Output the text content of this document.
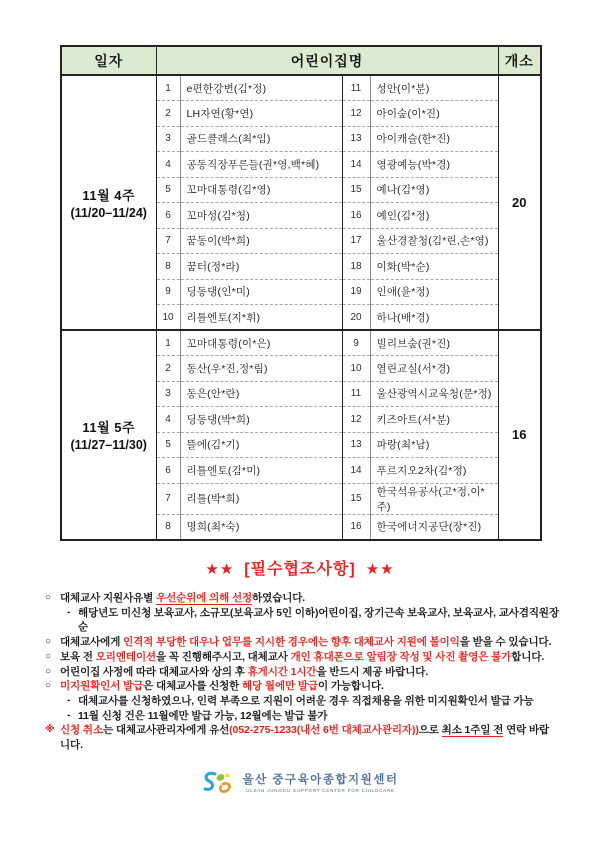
일자	어린이집명				개소

11월 4주
(11/20–11/24)	1	e편한강변(김*정)	11	성안(이*분)	20
	2	LH자연(황*연)	12	아이숲(이*진)	
	3	골드클래스(최*임)	13	아이캐슬(한*진)	
	4	공동직장푸른들(권*영,백*혜)	14	영광예능(박*경)	
	5	꼬마대통령(김*영)	15	예나(김*영)	
	6	꼬마성(김*청)	16	예인(김*정)	
	7	꿈동이(박*희)	17	울산경찰청(김*린,손*영)	
	8	꿈터(정*라)	18	이화(박*순)	
	9	딩동댕(인*미)	19	인애(윤*정)	
	10	리틀엔토(지*휘)	20	하나(배*경)	

11월 5주
(11/27–11/30)	1	꼬마대통령(이*은)	9	빌리브숲(권*진)	16
	2	동산(우*진,정*림)	10	열린교실(서*경)	
	3	동은(안*란)	11	울산광역시교육청(문*정)	
	4	딩동댕(박*희)	12	키즈아트(서*분)	
	5	뜰에(김*기)	13	파랑(최*남)	
	6	리틀엔토(김*미)	14	푸르지오2차(김*정)	
	7	리틀(박*희)	15	한국석유공사(고*정,이*주)	
	8	명희(최*숙)	16	한국에너지공단(장*진)	
★★ [필수협조사항] ★★
○ 대체교사 지원사유별 우선순위에 의해 선정하였습니다.
- 해당년도 미신청 보육교사, 소규모(보육교사 5인 이하)어린이집, 장기근속 보육교사, 보육교사, 교사겸직원장 순
○ 대체교사에게 인격적 부당한 대우나 업무를 지시한 경우에는 향후 대체교사 지원에 불이익을 받을 수 있습니다.
○ 보육 전 오리엔테이션을 꼭 진행해주시고, 대체교사 개인 휴대폰으로 알림장 작성 및 사진 촬영은 불가합니다.
○ 어린이집 사정에 따라 대체교사와 상의 후 휴게시간 1시간을 반드시 제공 바랍니다.
○ 미지원확인서 발급은 대체교사를 신청한 해당 월에만 발급이 가능합니다.
- 대체교사를 신청하였으나, 인력 부족으로 지원이 어려운 경우 직접채용을 위한 미지원확인서 발급 가능
- 11월 신청 건은 11월에만 발급 가능, 12월에는 발급 불가
※ 신청 취소는 대체교사관리자에게 유선(052-275-1233(내선 6번 대체교사관리자))으로 최소 1주일 전 연락 바랍니다.
울산 중구육아종합지원센터
ULSAN JUNGGU SUPPORT CENTER FOR CHILDCARE
